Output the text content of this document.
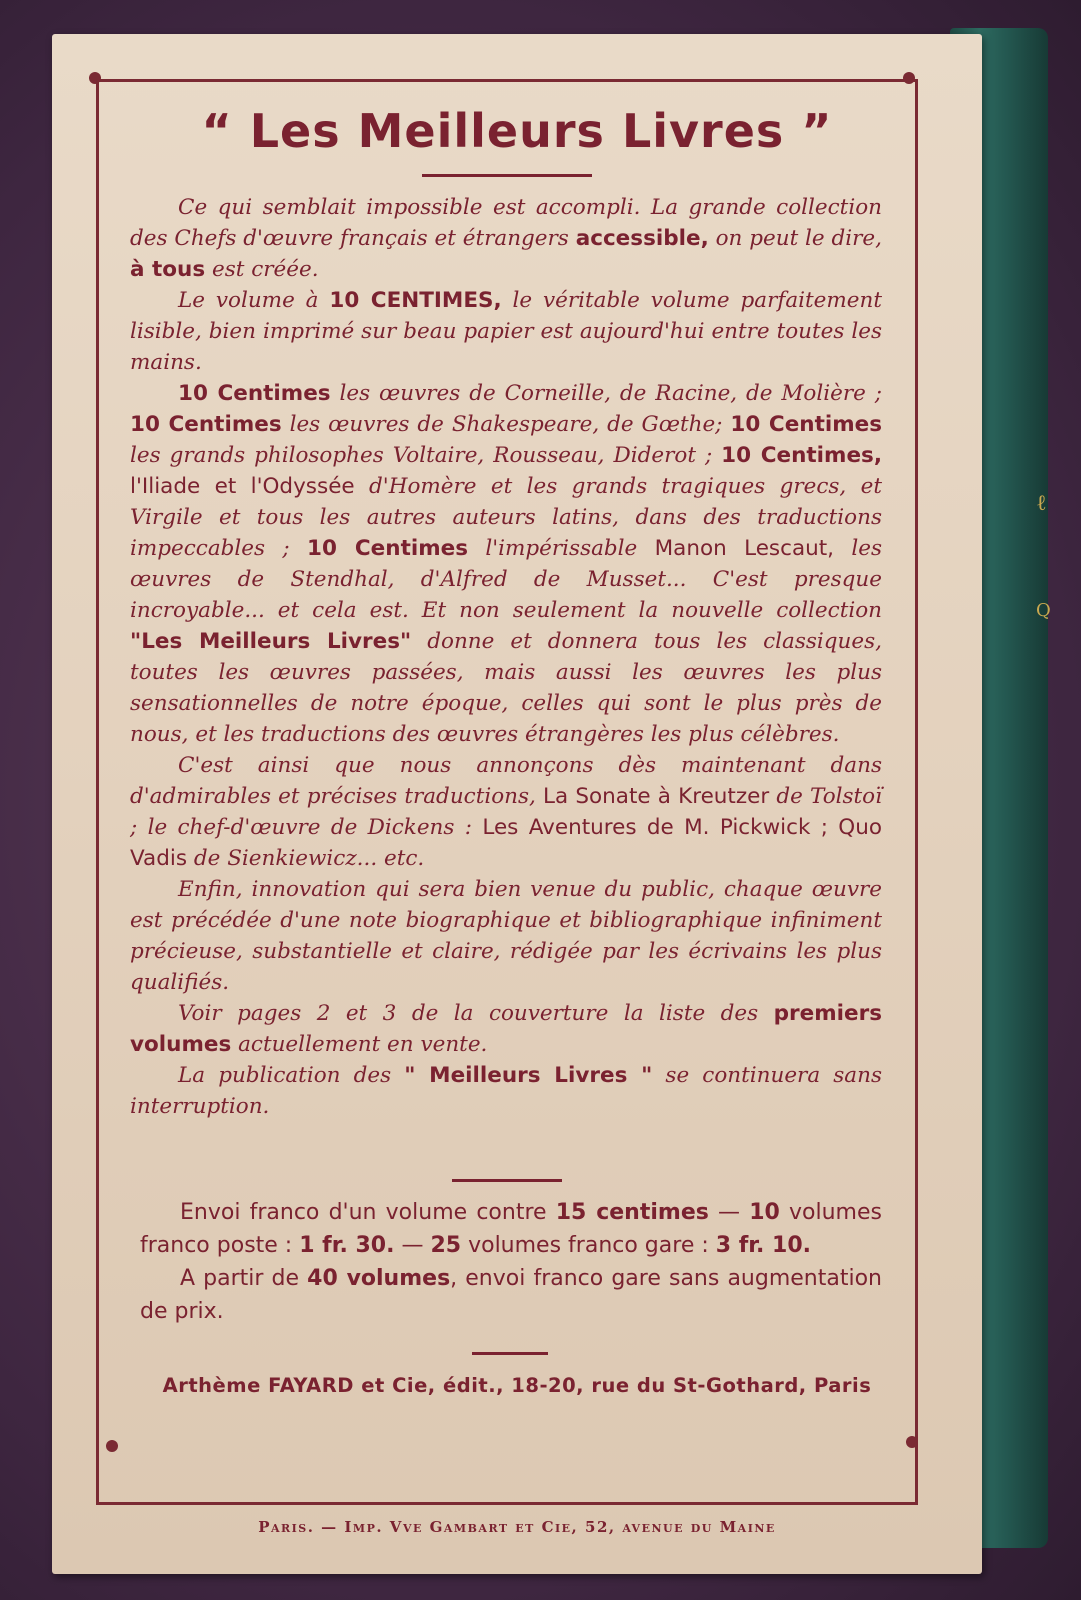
ℓ
Q
“ Les Meilleurs Livres ”

Ce qui semblait impossible est accompli. La grande collection des Chefs d'œuvre français et étrangers accessible, on peut le dire, à tous est créée.

Le volume à 10 CENTIMES, le véritable volume parfaitement lisible, bien imprimé sur beau papier est aujourd'hui entre toutes les mains.

10 Centimes les œuvres de Corneille, de Racine, de Molière ; 10 Centimes les œuvres de Shakespeare, de Gœthe; 10 Centimes les grands philosophes Voltaire, Rousseau, Diderot ; 10 Centimes, l'Iliade et l'Odyssée d'Homère et les grands tragiques grecs, et Virgile et tous les autres auteurs latins, dans des traductions impeccables ; 10 Centimes l'impérissable Manon Lescaut, les œuvres de Stendhal, d'Alfred de Musset... C'est presque incroyable... et cela est. Et non seulement la nouvelle collection "Les Meilleurs Livres" donne et donnera tous les classiques, toutes les œuvres passées, mais aussi les œuvres les plus sensationnelles de notre époque, celles qui sont le plus près de nous, et les traductions des œuvres étrangères les plus célèbres.

C'est ainsi que nous annonçons dès maintenant dans d'admirables et précises traductions, La Sonate à Kreutzer de Tolstoï ; le chef-d'œuvre de Dickens : Les Aventures de M. Pickwick ; Quo Vadis de Sienkiewicz... etc.

Enfin, innovation qui sera bien venue du public, chaque œuvre est précédée d'une note biographique et bibliographique infiniment précieuse, substantielle et claire, rédigée par les écrivains les plus qualifiés.

Voir pages 2 et 3 de la couverture la liste des premiers volumes actuellement en vente.

La publication des " Meilleurs Livres " se continuera sans interruption.

Envoi franco d'un volume contre 15 centimes — 10 volumes franco poste : 1 fr. 30. — 25 volumes franco gare : 3 fr. 10.

A partir de 40 volumes, envoi franco gare sans augmentation de prix.

Arthème FAYARD et Cie, édit., 18-20, rue du St-Gothard, Paris
Paris. — Imp. Vve Gambart et Cie, 52, avenue du Maine
